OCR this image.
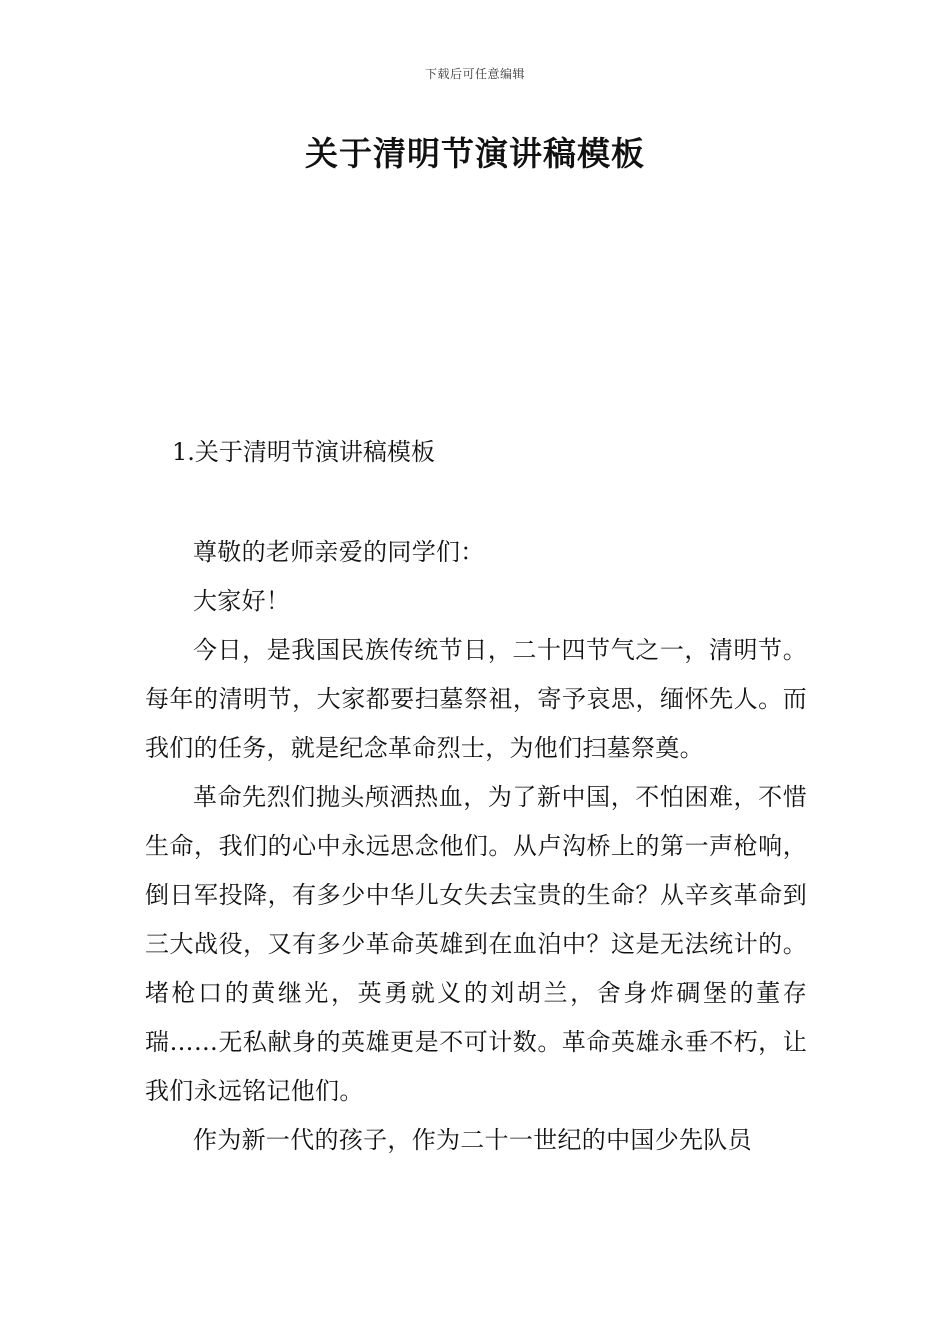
下载后可任意编辑
关于清明节演讲稿模板
1.关于清明节演讲稿模板

尊敬的老师亲爱的同学们：

大家好！

今日，是我国民族传统节日，二十四节气之一，清明节。每年的清明节，大家都要扫墓祭祖，寄予哀思，缅怀先人。而我们的任务，就是纪念革命烈士，为他们扫墓祭奠。

革命先烈们抛头颅洒热血，为了新中国，不怕困难，不惜生命，我们的心中永远思念他们。从卢沟桥上的第一声枪响，倒日军投降，有多少中华儿女失去宝贵的生命？从辛亥革命到三大战役，又有多少革命英雄到在血泊中？这是无法统计的。堵枪口的黄继光，英勇就义的刘胡兰，舍身炸碉堡的董存瑞……无私献身的英雄更是不可计数。革命英雄永垂不朽，让我们永远铭记他们。

作为新一代的孩子，作为二十一世纪的中国少先队员
